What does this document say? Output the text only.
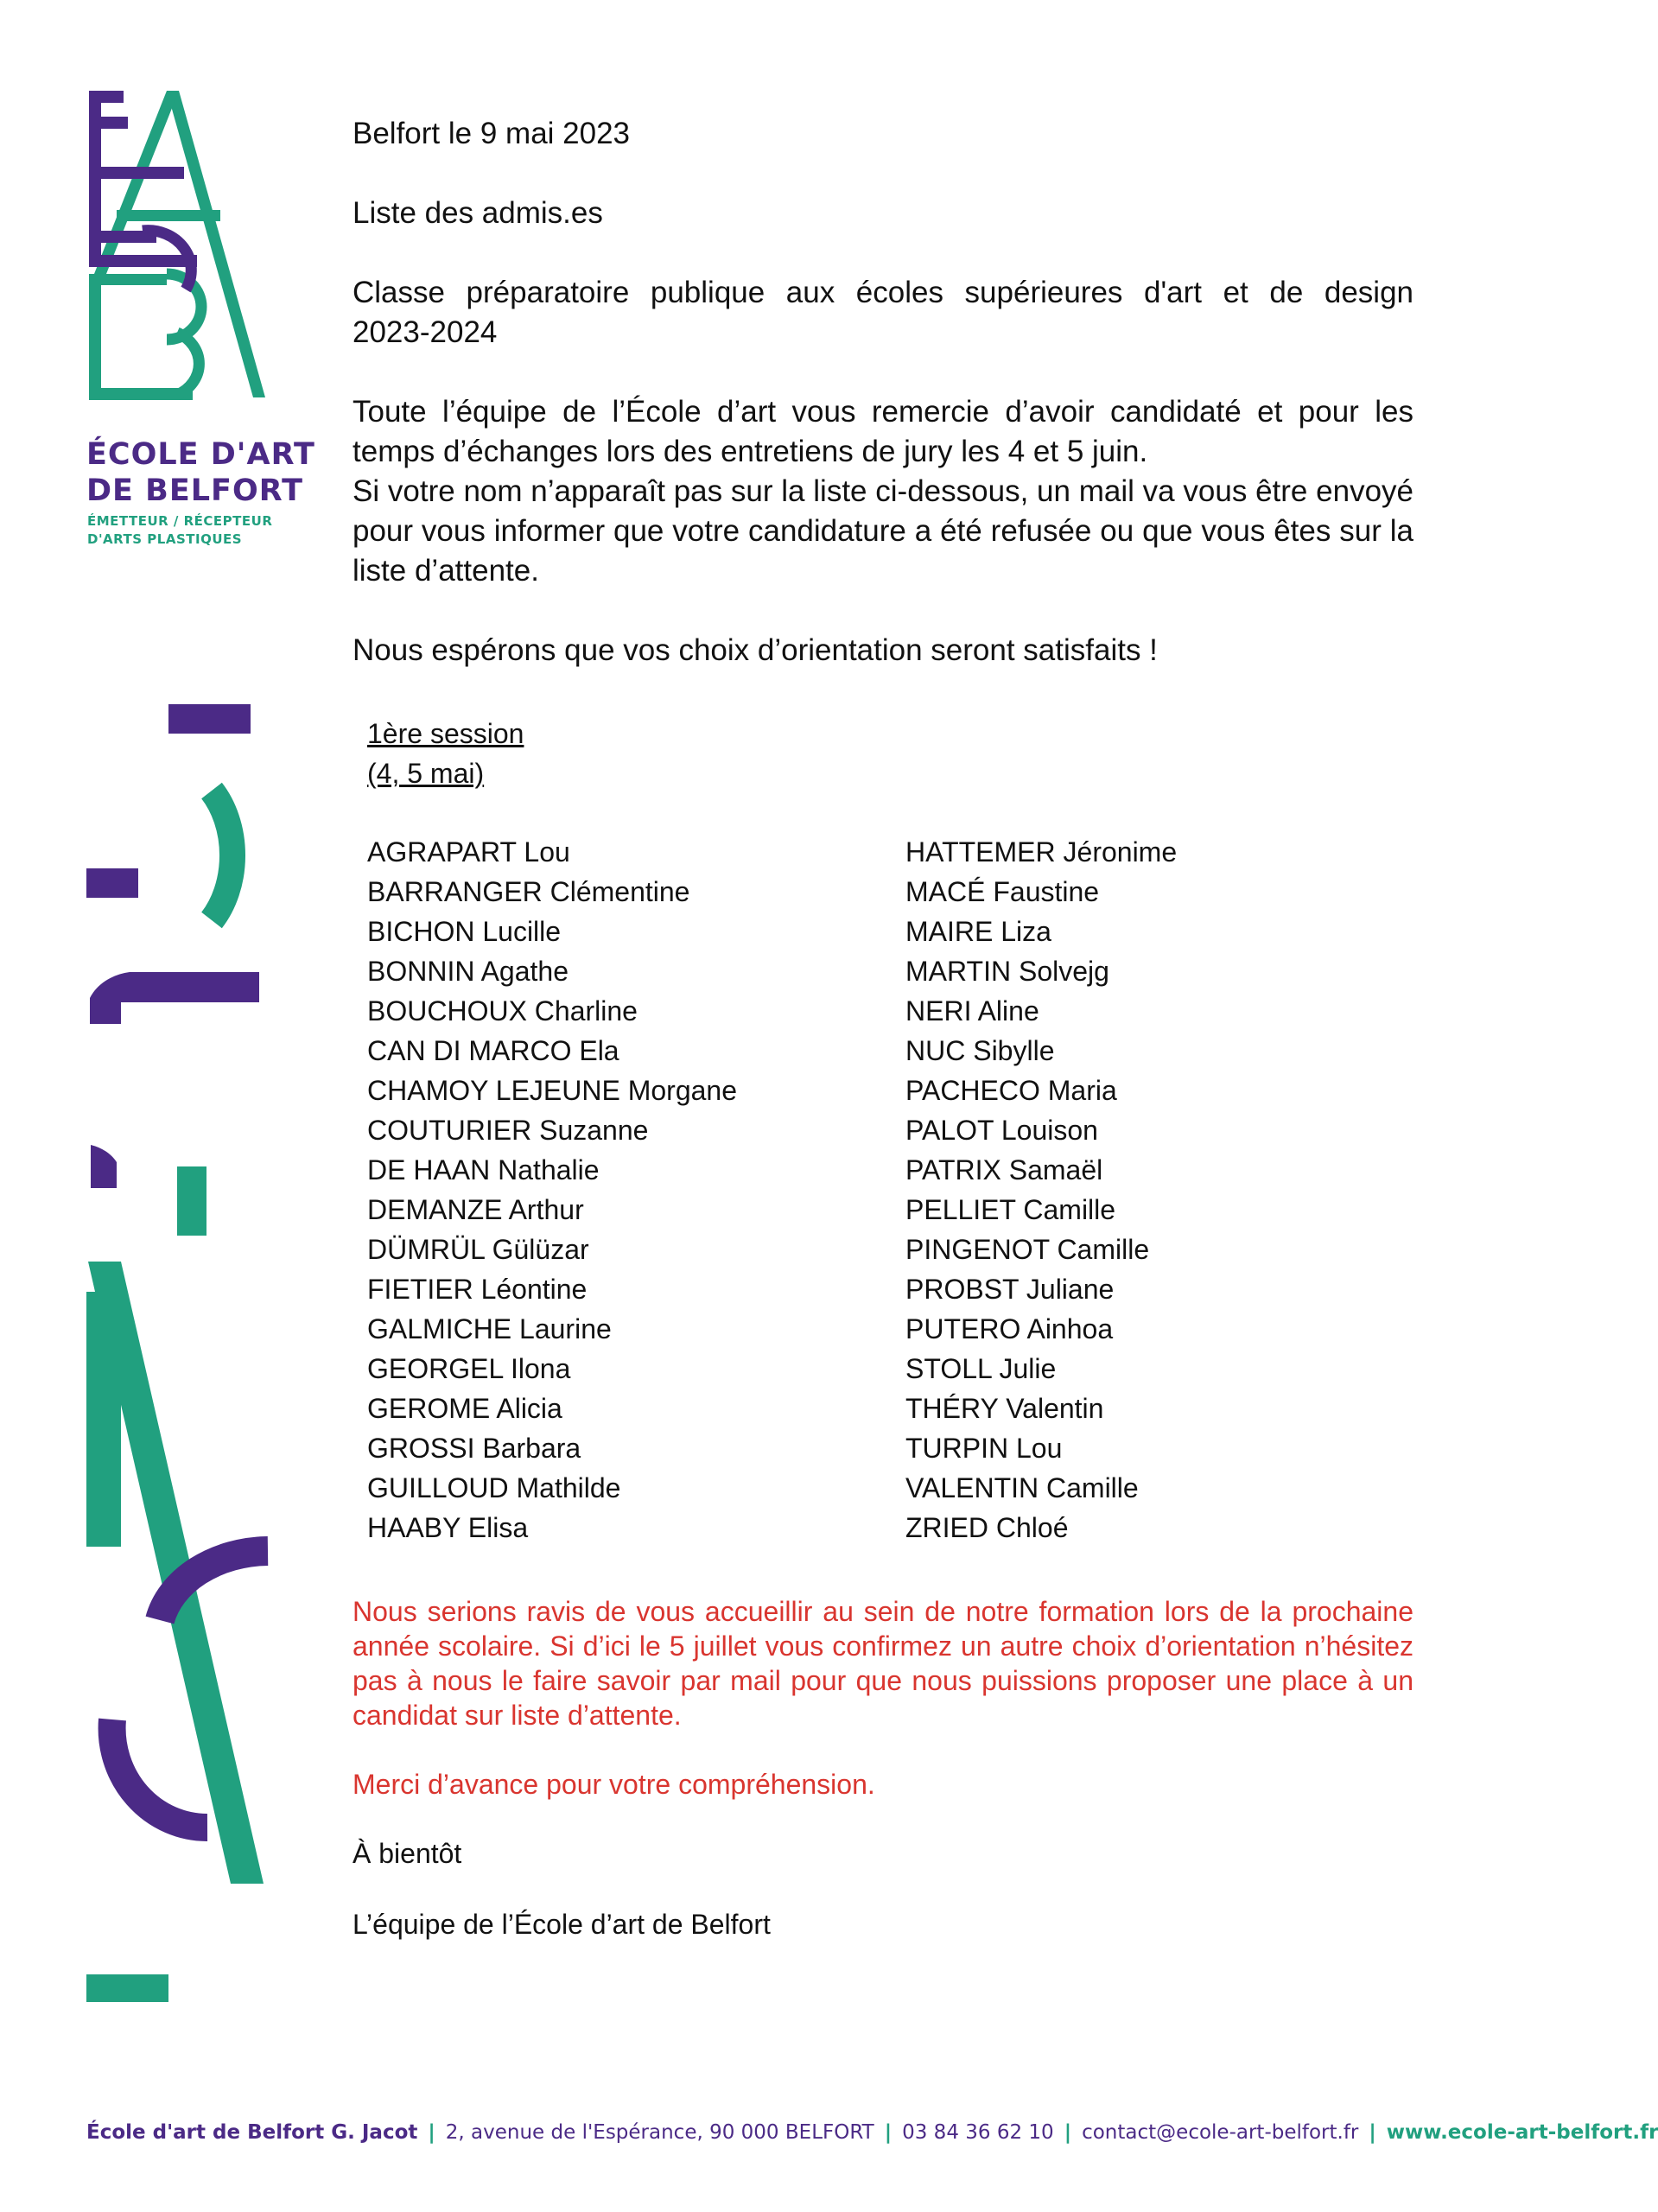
ÉCOLE D'ART
DE BELFORT
ÉMETTEUR / RÉCEPTEUR
D'ARTS PLASTIQUES
Belfort le 9 mai 2023
Liste des admis.es
Classe préparatoire publique aux écoles supérieures d'art et de design
2023-2024
Toute l’équipe de l’École d’art vous remercie d’avoir candidaté et pour les temps d’échanges lors des entretiens de jury les 4 et 5 juin.
Si votre nom n’apparaît pas sur la liste ci-dessous, un mail va vous être envoyé pour vous informer que votre candidature a été refusée ou que vous êtes sur la liste d’attente.
Nous espérons que vos choix d’orientation seront satisfaits !
1ère session
(4, 5 mai)
AGRAPART Lou
BARRANGER Clémentine
BICHON Lucille
BONNIN Agathe
BOUCHOUX Charline
CAN DI MARCO Ela
CHAMOY LEJEUNE Morgane
COUTURIER Suzanne
DE HAAN Nathalie
DEMANZE Arthur
DÜMRÜL Gülüzar
FIETIER Léontine
GALMICHE Laurine
GEORGEL Ilona
GEROME Alicia
GROSSI Barbara
GUILLOUD Mathilde
HAABY Elisa
HATTEMER Jéronime
MACÉ Faustine
MAIRE Liza
MARTIN Solvejg
NERI Aline
NUC Sibylle
PACHECO Maria
PALOT Louison
PATRIX Samaël
PELLIET Camille
PINGENOT Camille
PROBST Juliane
PUTERO Ainhoa
STOLL Julie
THÉRY Valentin
TURPIN Lou
VALENTIN Camille
ZRIED Chloé
Nous serions ravis de vous accueillir au sein de notre formation lors de la prochaine année scolaire. Si d’ici le 5 juillet vous confirmez un autre choix d’orientation n’hésitez pas à nous le faire savoir par mail pour que nous puissions proposer une place à un candidat sur liste d’attente.
Merci d’avance pour votre compréhension.
À bientôt
L’équipe de l’École d’art de Belfort
École d'art de Belfort G. Jacot | 2, avenue de l'Espérance, 90 000 BELFORT | 03 84 36 62 10 | contact@ecole-art-belfort.fr | www.ecole-art-belfort.fr
